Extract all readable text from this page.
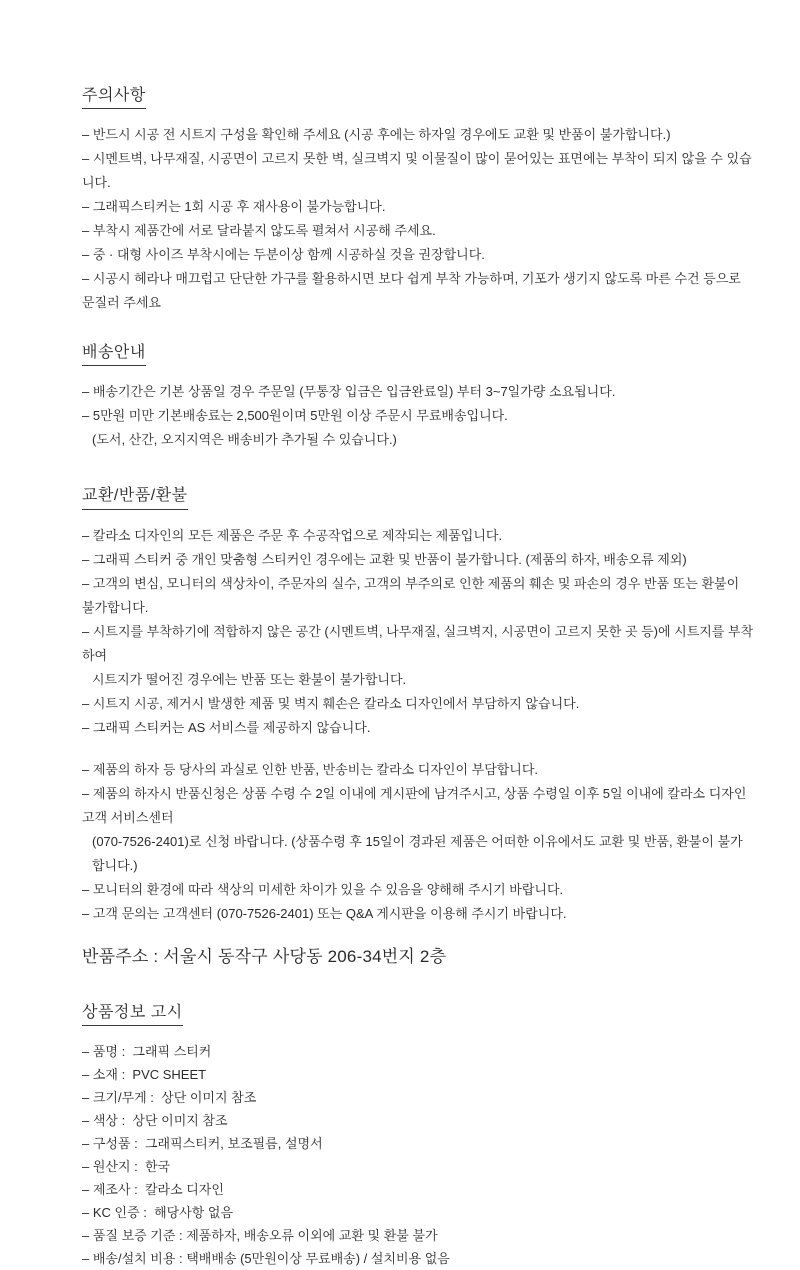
주의사항
– 반드시 시공 전 시트지 구성을 확인해 주세요 (시공 후에는 하자일 경우에도 교환 및 반품이 불가합니다.)
– 시멘트벽, 나무재질, 시공면이 고르지 못한 벽, 실크벽지 및 이물질이 많이 묻어있는 표면에는 부착이 되지 않을 수 있습니다.
– 그래픽스티커는 1회 시공 후 재사용이 불가능합니다.
– 부착시 제품간에 서로 달라붙지 않도록 펼쳐서 시공해 주세요.
– 중 · 대형 사이즈 부착시에는 두분이상 함께 시공하실 것을 권장합니다.
– 시공시 헤라나 매끄럽고 단단한 가구를 활용하시면 보다 쉽게 부착 가능하며, 기포가 생기지 않도록 마른 수건 등으로 문질러 주세요
배송안내
– 배송기간은 기본 상품일 경우 주문일 (무통장 입금은 입금완료일) 부터 3~7일가량 소요됩니다.
– 5만원 미만 기본배송료는 2,500원이며 5만원 이상 주문시 무료배송입니다.
(도서, 산간, 오지지역은 배송비가 추가될 수 있습니다.)
교환/반품/환불
– 칼라소 디자인의 모든 제품은 주문 후 수공작업으로 제작되는 제품입니다.
– 그래픽 스티커 중 개인 맞춤형 스티커인 경우에는 교환 및 반품이 불가합니다. (제품의 하자, 배송오류 제외)
– 고객의 변심, 모니터의 색상차이, 주문자의 실수, 고객의 부주의로 인한 제품의 훼손 및 파손의 경우 반품 또는 환불이 불가합니다.
– 시트지를 부착하기에 적합하지 않은 공간 (시멘트벽, 나무재질, 실크벽지, 시공면이 고르지 못한 곳 등)에 시트지를 부착하여
시트지가 떨어진 경우에는 반품 또는 환불이 불가합니다.
– 시트지 시공, 제거시 발생한 제품 및 벽지 훼손은 칼라소 디자인에서 부담하지 않습니다.
– 그래픽 스티커는 AS 서비스를 제공하지 않습니다.
– 제품의 하자 등 당사의 과실로 인한 반품, 반송비는 칼라소 디자인이 부담합니다.
– 제품의 하자시 반품신청은 상품 수령 수 2일 이내에 게시판에 남겨주시고, 상품 수령일 이후 5일 이내에 칼라소 디자인 고객 서비스센터
(070-7526-2401)로 신청 바랍니다. (상품수령 후 15일이 경과된 제품은 어떠한 이유에서도 교환 및 반품, 환불이 불가합니다.)
– 모니터의 환경에 따라 색상의 미세한 차이가 있을 수 있음을 양해해 주시기 바랍니다.
– 고객 문의는 고객센터 (070-7526-2401) 또는 Q&A 게시판을 이용해 주시기 바랍니다.
반품주소 : 서울시 동작구 사당동 206-34번지 2층
상품정보 고시
– 품명 :  그래픽 스티커
– 소재 :  PVC SHEET
– 크기/무게 :  상단 이미지 참조
– 색상 :  상단 이미지 참조
– 구성품 :  그래픽스티커, 보조필름, 설명서
– 원산지 :  한국
– 제조사 :  칼라소 디자인
– KC 인증 :  해당사항 없음
– 품질 보증 기준 : 제품하자, 배송오류 이외에 교환 및 환불 불가
– 배송/설치 비용 : 택배배송 (5만원이상 무료배송) / 설치비용 없음
